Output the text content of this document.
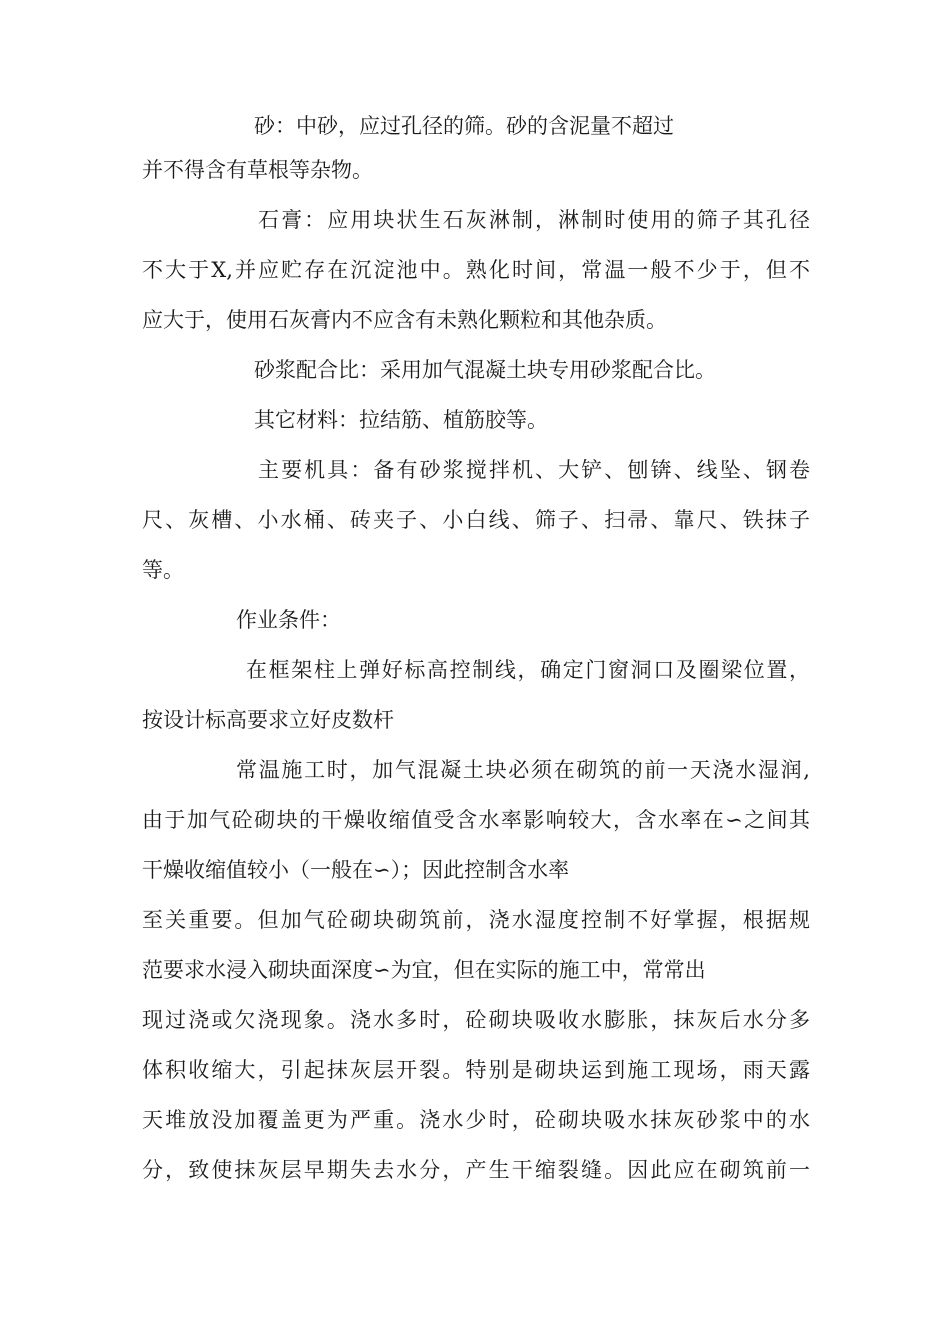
砂：中砂，应过孔径的筛。砂的含泥量不超过
并不得含有草根等杂物。
石膏：应用块状生石灰淋制，淋制时使用的筛子其孔径
不大于X,并应贮存在沉淀池中。熟化时间，常温一般不少于，但不
应大于，使用石灰膏内不应含有未熟化颗粒和其他杂质。
砂浆配合比：采用加气混凝土块专用砂浆配合比。
其它材料：拉结筋、植筋胶等。
主要机具：备有砂浆搅拌机、大铲、刨锛、线坠、钢卷
尺、灰槽、小水桶、砖夹子、小白线、筛子、扫帚、靠尺、铁抹子
等。
作业条件：
在框架柱上弹好标高控制线，确定门窗洞口及圈梁位置，
按设计标高要求立好皮数杆
常温施工时，加气混凝土块必须在砌筑的前一天浇水湿润,
由于加气砼砌块的干燥收缩值受含水率影响较大，含水率在∽之间其
干燥收缩值较小（一般在∽）；因此控制含水率
至关重要。但加气砼砌块砌筑前，浇水湿度控制不好掌握，根据规
范要求水浸入砌块面深度∽为宜，但在实际的施工中，常常出
现过浇或欠浇现象。浇水多时，砼砌块吸收水膨胀，抹灰后水分多
体积收缩大，引起抹灰层开裂。特别是砌块运到施工现场，雨天露
天堆放没加覆盖更为严重。浇水少时，砼砌块吸水抹灰砂浆中的水
分，致使抹灰层早期失去水分，产生干缩裂缝。因此应在砌筑前一
